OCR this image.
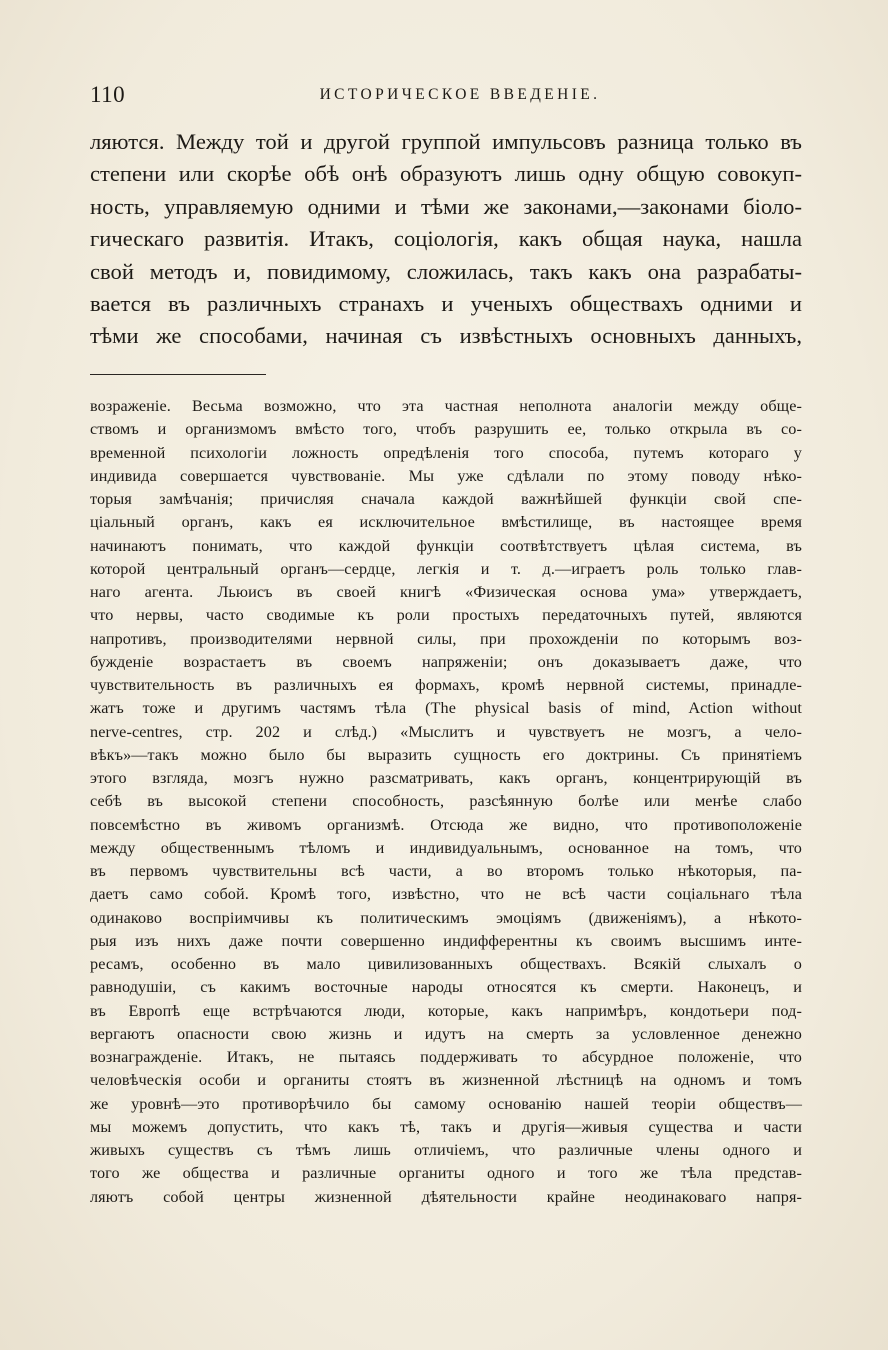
110	ИСТОРИЧЕСКОЕ ВВЕДЕНІЕ.
ляются. Между той и другой группой импульсовъ разница только въ
степени или скорѣе обѣ онѣ образуютъ лишь одну общую совокуп-
ность, управляемую одними и тѣми же законами,—законами біоло-
гическаго развитія. Итакъ, соціологія, какъ общая наука, нашла
свой методъ и, повидимому, сложилась, такъ какъ она разрабаты-
вается въ различныхъ странахъ и ученыхъ обществахъ одними и
тѣми же способами, начиная съ извѣстныхъ основныхъ данныхъ,
возраженіе. Весьма возможно, что эта частная неполнота аналогіи между обще-
ствомъ и организмомъ вмѣсто того, чтобъ разрушить ее, только открыла въ со-
временной психологіи ложность опредѣленія того способа, путемъ котораго у
индивида совершается чувствованіе. Мы уже сдѣлали по этому поводу нѣко-
торыя замѣчанія; причисляя сначала каждой важнѣйшей функціи свой спе-
ціальный органъ, какъ ея исключительное вмѣстилище, въ настоящее время
начинаютъ понимать, что каждой функціи соотвѣтствуетъ цѣлая система, въ
которой центральный органъ—сердце, легкія и т. д.—играетъ роль только глав-
наго агента. Льюисъ въ своей книгѣ «Физическая основа ума» утверждаетъ,
что нервы, часто сводимые къ роли простыхъ передаточныхъ путей, являются
напротивъ, производителями нервной силы, при прохожденіи по которымъ воз-
бужденіе возрастаетъ въ своемъ напряженіи; онъ доказываетъ даже, что
чувствительность въ различныхъ ея формахъ, кромѣ нервной системы, принадле-
жатъ тоже и другимъ частямъ тѣла (The physical basis of mind, Action without
nerve-centres, стр. 202 и слѣд.) «Мыслитъ и чувствуетъ не мозгъ, а чело-
вѣкъ»—такъ можно было бы выразить сущность его доктрины. Съ принятіемъ
этого взгляда, мозгъ нужно разсматривать, какъ органъ, концентрирующій въ
себѣ въ высокой степени способность, разсѣянную болѣе или менѣе слабо
повсемѣстно въ живомъ организмѣ. Отсюда же видно, что противоположеніе
между общественнымъ тѣломъ и индивидуальнымъ, основанное на томъ, что
въ первомъ чувствительны всѣ части, а во второмъ только нѣкоторыя, па-
даетъ само собой. Кромѣ того, извѣстно, что не всѣ части соціальнаго тѣла
одинаково воспріимчивы къ политическимъ эмоціямъ (движеніямъ), а нѣкото-
рыя изъ нихъ даже почти совершенно индифферентны къ своимъ высшимъ инте-
ресамъ, особенно въ мало цивилизованныхъ обществахъ. Всякій слыхалъ о
равнодушіи, съ какимъ восточные народы относятся къ смерти. Наконецъ, и
въ Европѣ еще встрѣчаются люди, которые, какъ напримѣръ, кондотьери под-
вергаютъ опасности свою жизнь и идутъ на смерть за условленное денежно
вознагражденіе. Итакъ, не пытаясь поддерживать то абсурдное положеніе, что
человѣческія особи и органиты стоятъ въ жизненной лѣстницѣ на одномъ и томъ
же уровнѣ—это противорѣчило бы самому основанію нашей теоріи обществъ—
мы можемъ допустить, что какъ тѣ, такъ и другія—живыя существа и части
живыхъ существъ съ тѣмъ лишь отличіемъ, что различные члены одного и
того же общества и различные органиты одного и того же тѣла представ-
ляютъ собой центры жизненной дѣятельности крайне неодинаковаго напря-
